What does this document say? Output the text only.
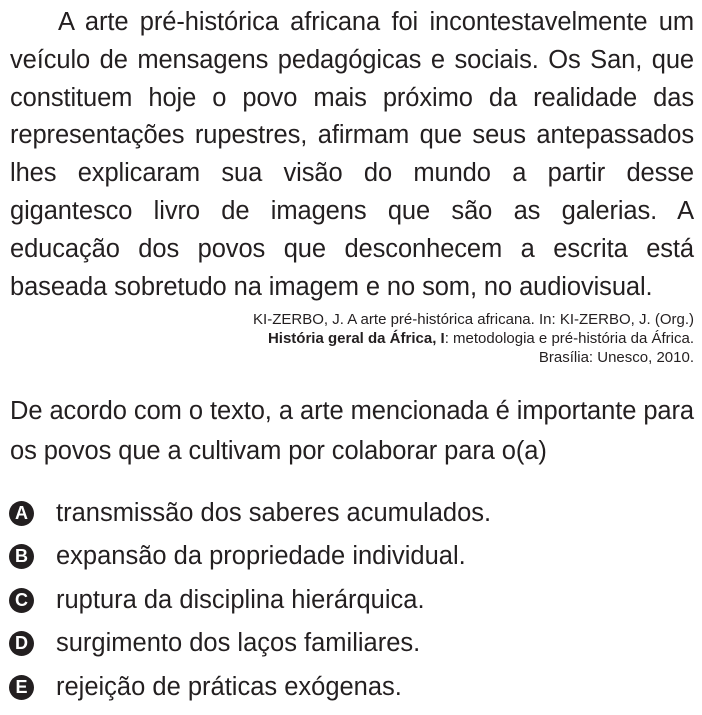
A arte pré-histórica africana foi incontestavelmente um veículo de mensagens pedagógicas e sociais. Os San, que constituem hoje o povo mais próximo da realidade das representações rupestres, afirmam que seus antepassados lhes explicaram sua visão do mundo a partir desse gigantesco livro de imagens que são as galerias. A educação dos povos que desconhecem a escrita está baseada sobretudo na imagem e no som, no audiovisual.

KI-ZERBO, J. A arte pré-histórica africana. In: KI-ZERBO, J. (Org.)
História geral da África, I: metodologia e pré-história da África.
Brasília: Unesco, 2010.

De acordo com o texto, a arte mencionada é importante para os povos que a cultivam por colaborar para o(a)

A transmissão dos saberes acumulados.
B expansão da propriedade individual.
C ruptura da disciplina hierárquica.
D surgimento dos laços familiares.
E rejeição de práticas exógenas.
